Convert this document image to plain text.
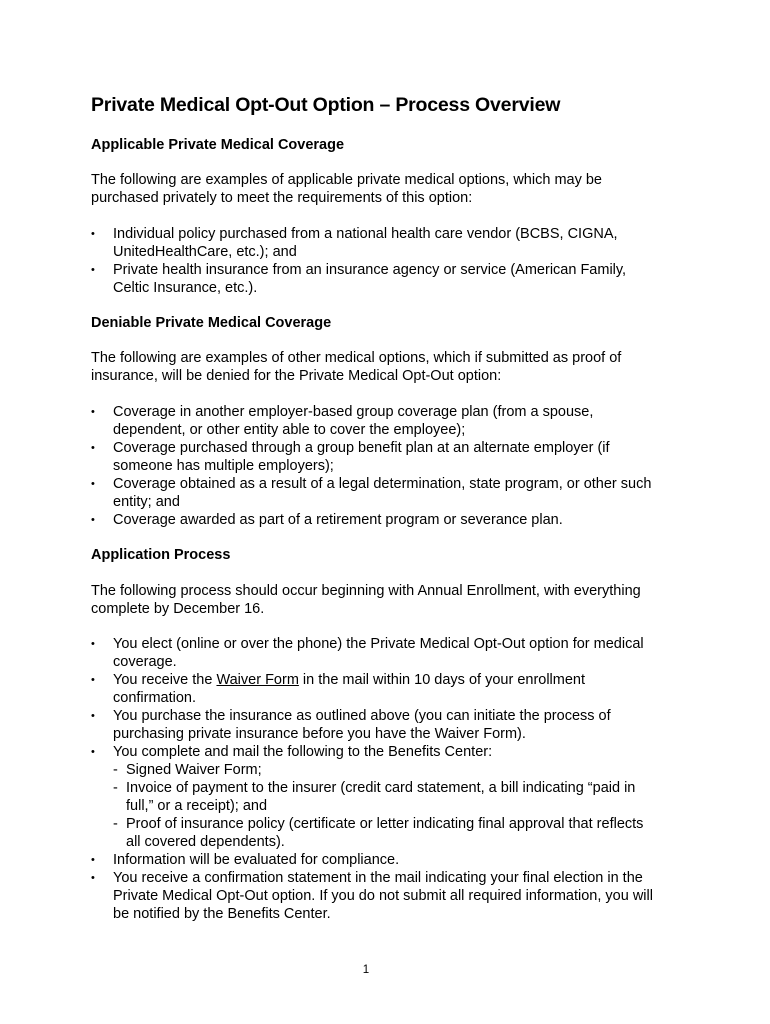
Private Medical Opt-Out Option – Process Overview
Applicable Private Medical Coverage

The following are examples of applicable private medical options, which may be

purchased privately to meet the requirements of this option:

•	Individual policy purchased from a national health care vendor (BCBS, CIGNA,
UnitedHealthCare, etc.); and
•	Private health insurance from an insurance agency or service (American Family,
Celtic Insurance, etc.).
Deniable Private Medical Coverage

The following are examples of other medical options, which if submitted as proof of

insurance, will be denied for the Private Medical Opt-Out option:

•	Coverage in another employer-based group coverage plan (from a spouse,
dependent, or other entity able to cover the employee);
•	Coverage purchased through a group benefit plan at an alternate employer (if
someone has multiple employers);
•	Coverage obtained as a result of a legal determination, state program, or other such
entity; and
•	Coverage awarded as part of a retirement program or severance plan.
Application Process

The following process should occur beginning with Annual Enrollment, with everything

complete by December 16.

•	You elect (online or over the phone) the Private Medical Opt-Out option for medical
coverage.
•	You receive the Waiver Form in the mail within 10 days of your enrollment
confirmation.
•	You purchase the insurance as outlined above (you can initiate the process of
purchasing private insurance before you have the Waiver Form).
•	You complete and mail the following to the Benefits Center:
- Signed Waiver Form;
- Invoice of payment to the insurer (credit card statement, a bill indicating “paid in
full,” or a receipt); and
- Proof of insurance policy (certificate or letter indicating final approval that reflects
all covered dependents).
•	Information will be evaluated for compliance.
•	You receive a confirmation statement in the mail indicating your final election in the
Private Medical Opt-Out option. If you do not submit all required information, you will
be notified by the Benefits Center.
1
